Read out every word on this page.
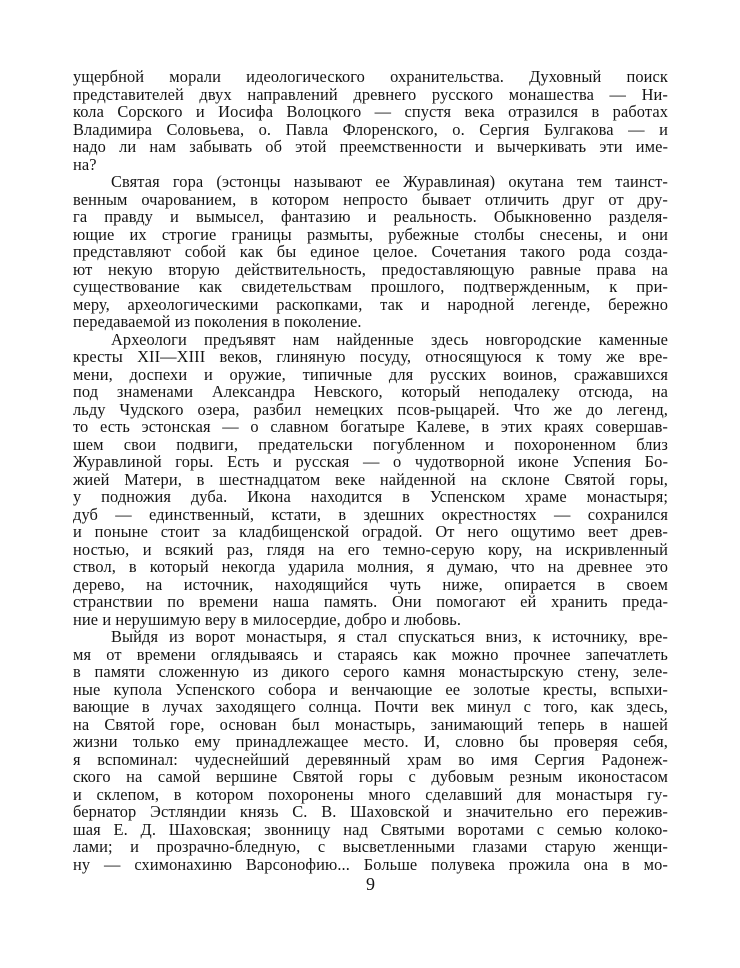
ущербной морали идеологического охранительства. Духовный поиск
представителей двух направлений древнего русского монашества — Ни-
кола Сорского и Иосифа Волоцкого — спустя века отразился в работах
Владимира Соловьева, о. Павла Флоренского, о. Сергия Булгакова — и
надо ли нам забывать об этой преемственности и вычеркивать эти име-
на?
Святая гора (эстонцы называют ее Журавлиная) окутана тем таинст-
венным очарованием, в котором непросто бывает отличить друг от дру-
га правду и вымысел, фантазию и реальность. Обыкновенно разделя-
ющие их строгие границы размыты, рубежные столбы снесены, и они
представляют собой как бы единое целое. Сочетания такого рода созда-
ют некую вторую действительность, предоставляющую равные права на
существование как свидетельствам прошлого, подтвержденным, к при-
меру, археологическими раскопками, так и народной легенде, бережно
передаваемой из поколения в поколение.
Археологи предъявят нам найденные здесь новгородские каменные
кресты XII—XIII веков, глиняную посуду, относящуюся к тому же вре-
мени, доспехи и оружие, типичные для русских воинов, сражавшихся
под знаменами Александра Невского, который неподалеку отсюда, на
льду Чудского озера, разбил немецких псов-рыцарей. Что же до легенд,
то есть эстонская — о славном богатыре Калеве, в этих краях совершав-
шем свои подвиги, предательски погубленном и похороненном близ
Журавлиной горы. Есть и русская — о чудотворной иконе Успения Бо-
жией Матери, в шестнадцатом веке найденной на склоне Святой горы,
у подножия дуба. Икона находится в Успенском храме монастыря;
дуб — единственный, кстати, в здешних окрестностях — сохранился
и поныне стоит за кладбищенской оградой. От него ощутимо веет древ-
ностью, и всякий раз, глядя на его темно-серую кору, на искривленный
ствол, в который некогда ударила молния, я думаю, что на древнее это
дерево, на источник, находящийся чуть ниже, опирается в своем
странствии по времени наша память. Они помогают ей хранить преда-
ние и нерушимую веру в милосердие, добро и любовь.
Выйдя из ворот монастыря, я стал спускаться вниз, к источнику, вре-
мя от времени оглядываясь и стараясь как можно прочнее запечатлеть
в памяти сложенную из дикого серого камня монастырскую стену, зеле-
ные купола Успенского собора и венчающие ее золотые кресты, вспыхи-
вающие в лучах заходящего солнца. Почти век минул с того, как здесь,
на Святой горе, основан был монастырь, занимающий теперь в нашей
жизни только ему принадлежащее место. И, словно бы проверяя себя,
я вспоминал: чудеснейший деревянный храм во имя Сергия Радонеж-
ского на самой вершине Святой горы с дубовым резным иконостасом
и склепом, в котором похоронены много сделавший для монастыря гу-
бернатор Эстляндии князь С. В. Шаховской и значительно его пережив-
шая Е. Д. Шаховская; звонницу над Святыми воротами с семью колоко-
лами; и прозрачно-бледную, с высветленными глазами старую женщи-
ну — схимонахиню Варсонофию... Больше полувека прожила она в мо-
9
